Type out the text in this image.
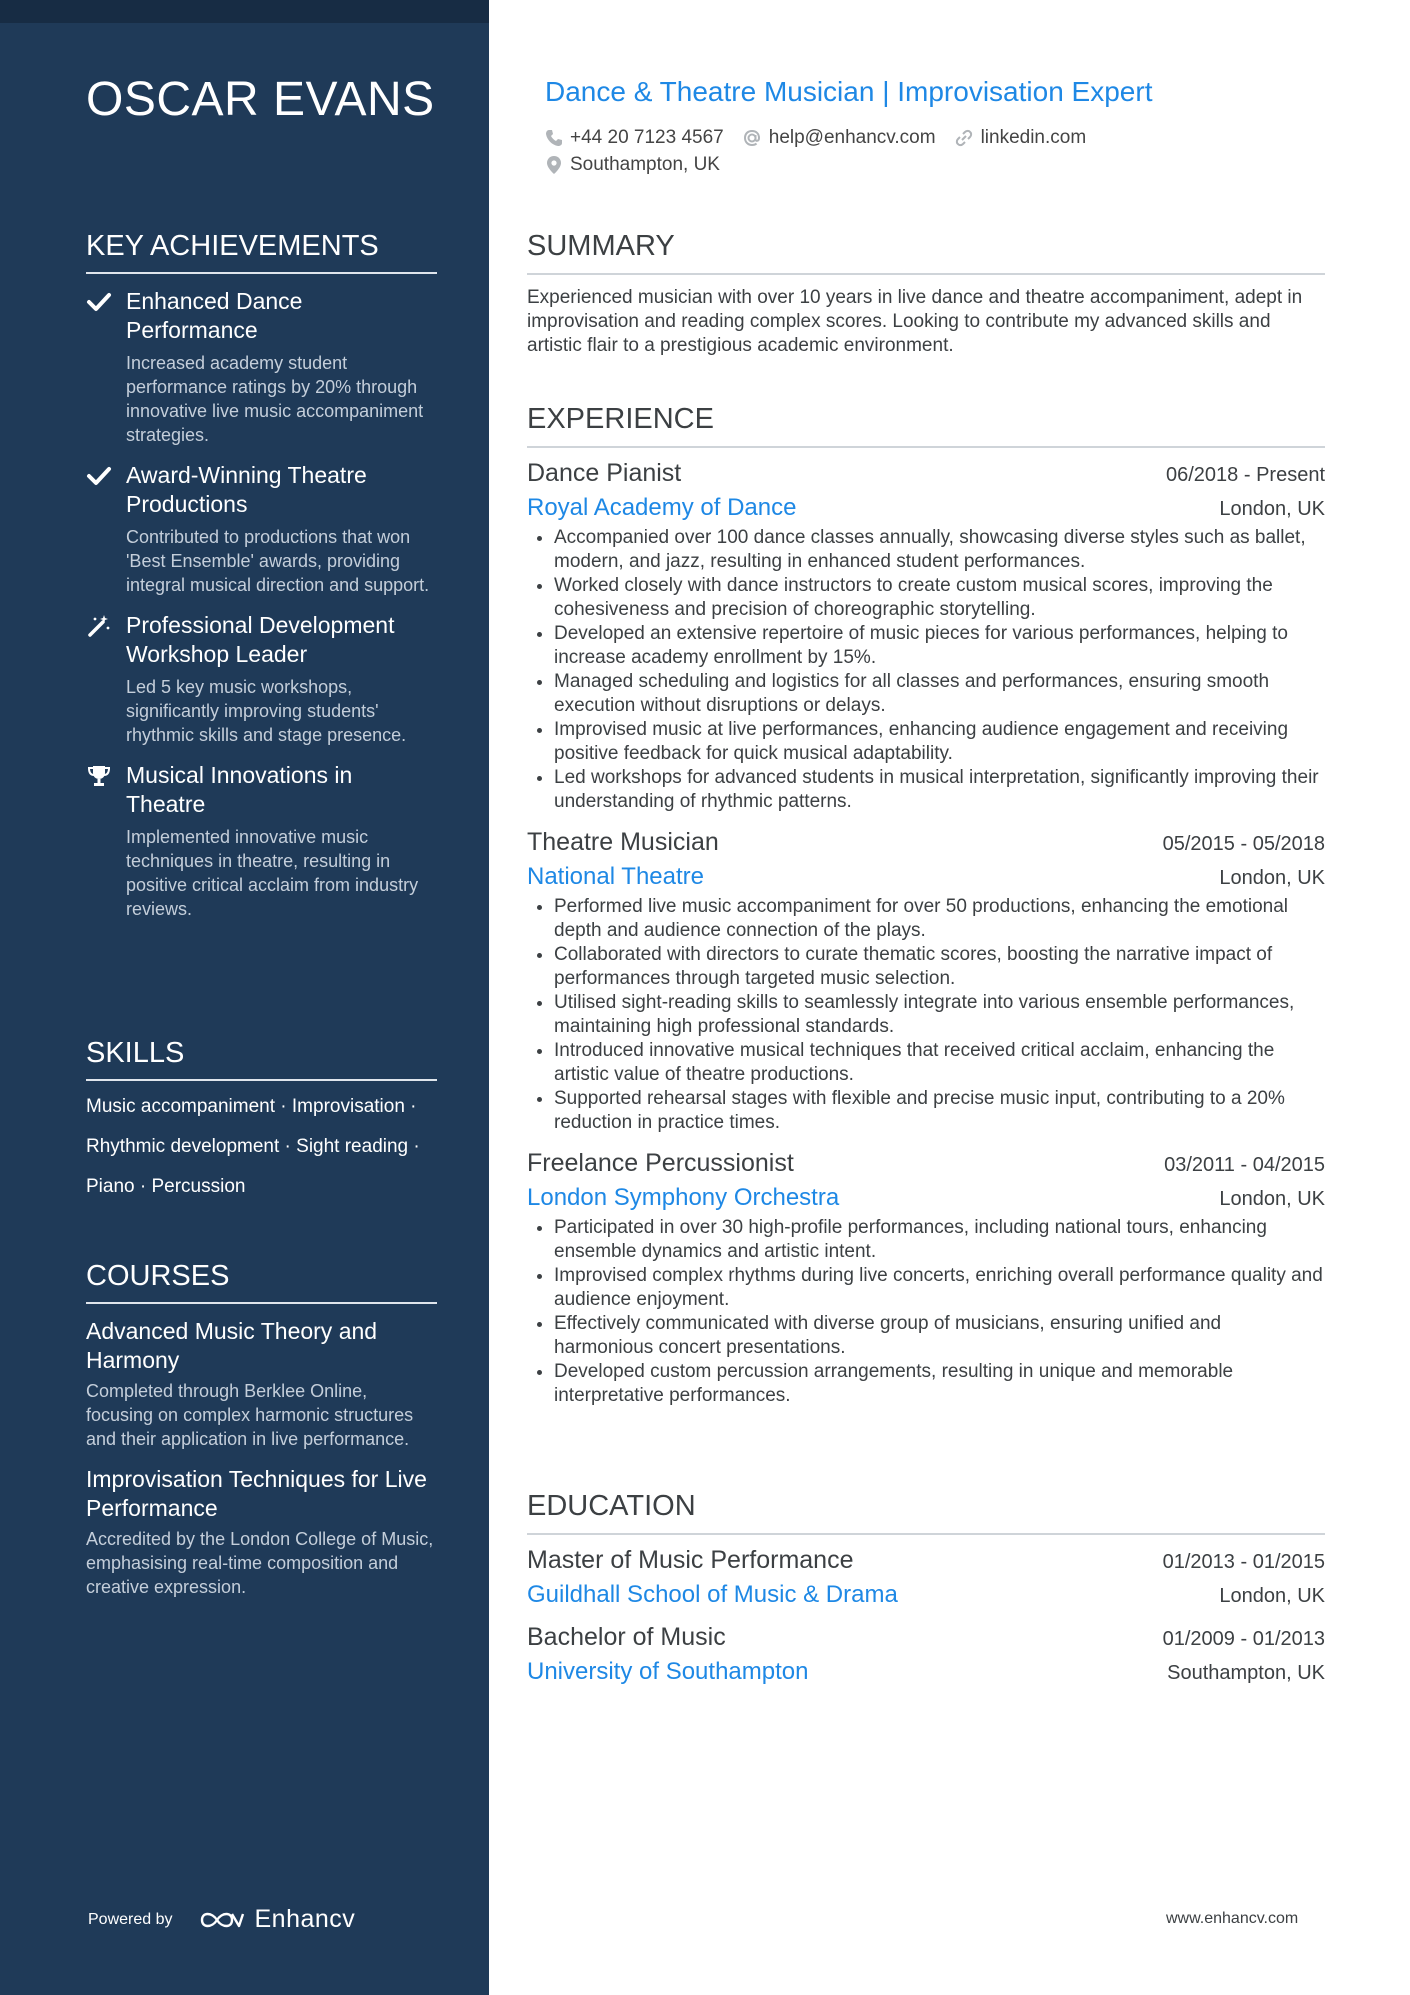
OSCAR EVANS
KEY ACHIEVEMENTS
Enhanced Dance Performance
Increased academy student performance ratings by 20% through innovative live music accompaniment strategies.
Award-Winning Theatre Productions
Contributed to productions that won 'Best Ensemble' awards, providing integral musical direction and support.
Professional Development Workshop Leader
Led 5 key music workshops, significantly improving students' rhythmic skills and stage presence.
Musical Innovations in Theatre
Implemented innovative music techniques in theatre, resulting in positive critical acclaim from industry reviews.
SKILLS
Music accompaniment · Improvisation ·
Rhythmic development · Sight reading ·
Piano · Percussion
COURSES
Advanced Music Theory and Harmony
Completed through Berklee Online, focusing on complex harmonic structures and their application in live performance.
Improvisation Techniques for Live Performance
Accredited by the London College of Music, emphasising real-time composition and creative expression.
Powered by	Enhancv
Dance & Theatre Musician | Improvisation Expert
+44 20 7123 4567 help@enhancv.com linkedin.com
Southampton, UK
SUMMARY
Experienced musician with over 10 years in live dance and theatre accompaniment, adept in improvisation and reading complex scores. Looking to contribute my advanced skills and artistic flair to a prestigious academic environment.
EXPERIENCE
Dance Pianist	06/2018 - Present
Royal Academy of Dance	London, UK
• Accompanied over 100 dance classes annually, showcasing diverse styles such as ballet, modern, and jazz, resulting in enhanced student performances.
• Worked closely with dance instructors to create custom musical scores, improving the cohesiveness and precision of choreographic storytelling.
• Developed an extensive repertoire of music pieces for various performances, helping to increase academy enrollment by 15%.
• Managed scheduling and logistics for all classes and performances, ensuring smooth execution without disruptions or delays.
• Improvised music at live performances, enhancing audience engagement and receiving positive feedback for quick musical adaptability.
• Led workshops for advanced students in musical interpretation, significantly improving their understanding of rhythmic patterns.
Theatre Musician	05/2015 - 05/2018
National Theatre	London, UK
• Performed live music accompaniment for over 50 productions, enhancing the emotional depth and audience connection of the plays.
• Collaborated with directors to curate thematic scores, boosting the narrative impact of performances through targeted music selection.
• Utilised sight-reading skills to seamlessly integrate into various ensemble performances, maintaining high professional standards.
• Introduced innovative musical techniques that received critical acclaim, enhancing the artistic value of theatre productions.
• Supported rehearsal stages with flexible and precise music input, contributing to a 20% reduction in practice times.
Freelance Percussionist	03/2011 - 04/2015
London Symphony Orchestra	London, UK
• Participated in over 30 high-profile performances, including national tours, enhancing ensemble dynamics and artistic intent.
• Improvised complex rhythms during live concerts, enriching overall performance quality and audience enjoyment.
• Effectively communicated with diverse group of musicians, ensuring unified and harmonious concert presentations.
• Developed custom percussion arrangements, resulting in unique and memorable interpretative performances.
EDUCATION
Master of Music Performance	01/2013 - 01/2015
Guildhall School of Music & Drama	London, UK
Bachelor of Music	01/2009 - 01/2013
University of Southampton	Southampton, UK
www.enhancv.com
